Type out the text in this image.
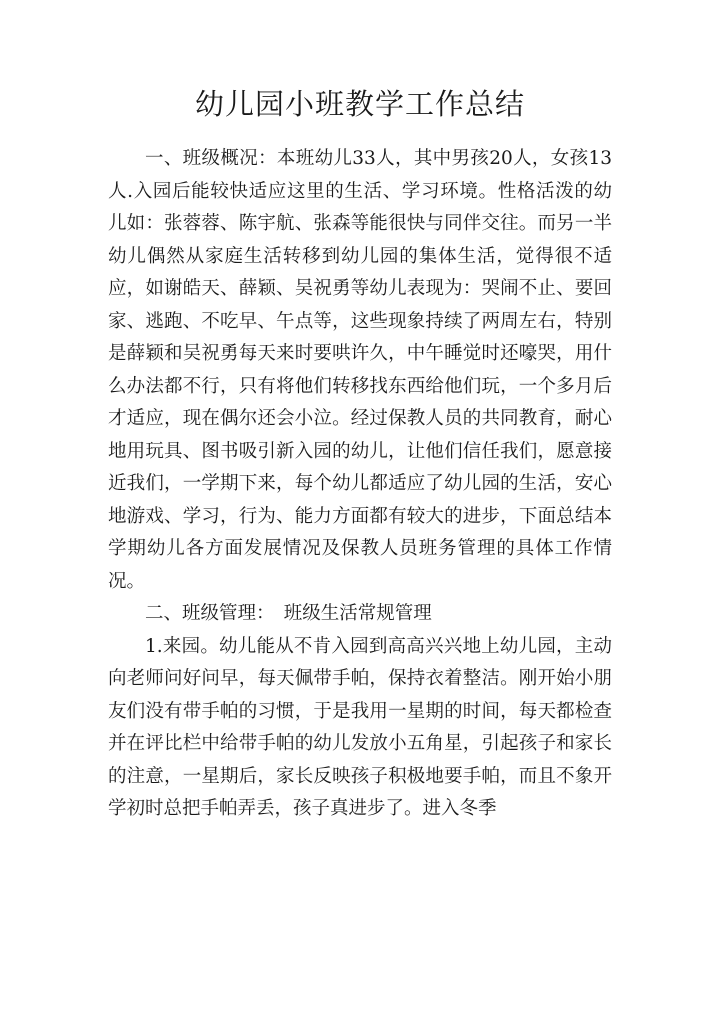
幼儿园小班教学工作总结

一、班级概况：本班幼儿33人，其中男孩20人，女孩13人.入园后能较快适应这里的生活、学习环境。性格活泼的幼儿如：张蓉蓉、陈宇航、张森等能很快与同伴交往。而另一半幼儿偶然从家庭生活转移到幼儿园的集体生活，觉得很不适应，如谢皓天、薛颖、吴祝勇等幼儿表现为：哭闹不止、要回家、逃跑、不吃早、午点等，这些现象持续了两周左右，特别是薛颖和吴祝勇每天来时要哄许久，中午睡觉时还嚎哭，用什么办法都不行，只有将他们转移找东西给他们玩，一个多月后才适应，现在偶尔还会小泣。经过保教人员的共同教育，耐心地用玩具、图书吸引新入园的幼儿，让他们信任我们，愿意接近我们，一学期下来，每个幼儿都适应了幼儿园的生活，安心地游戏、学习，行为、能力方面都有较大的进步，下面总结本学期幼儿各方面发展情况及保教人员班务管理的具体工作情况。

二、班级管理：　班级生活常规管理

1.来园。幼儿能从不肯入园到高高兴兴地上幼儿园，主动向老师问好问早，每天佩带手帕，保持衣着整洁。刚开始小朋友们没有带手帕的习惯，于是我用一星期的时间，每天都检查并在评比栏中给带手帕的幼儿发放小五角星，引起孩子和家长的注意，一星期后，家长反映孩子积极地要手帕，而且不象开学初时总把手帕弄丢，孩子真进步了。进入冬季
